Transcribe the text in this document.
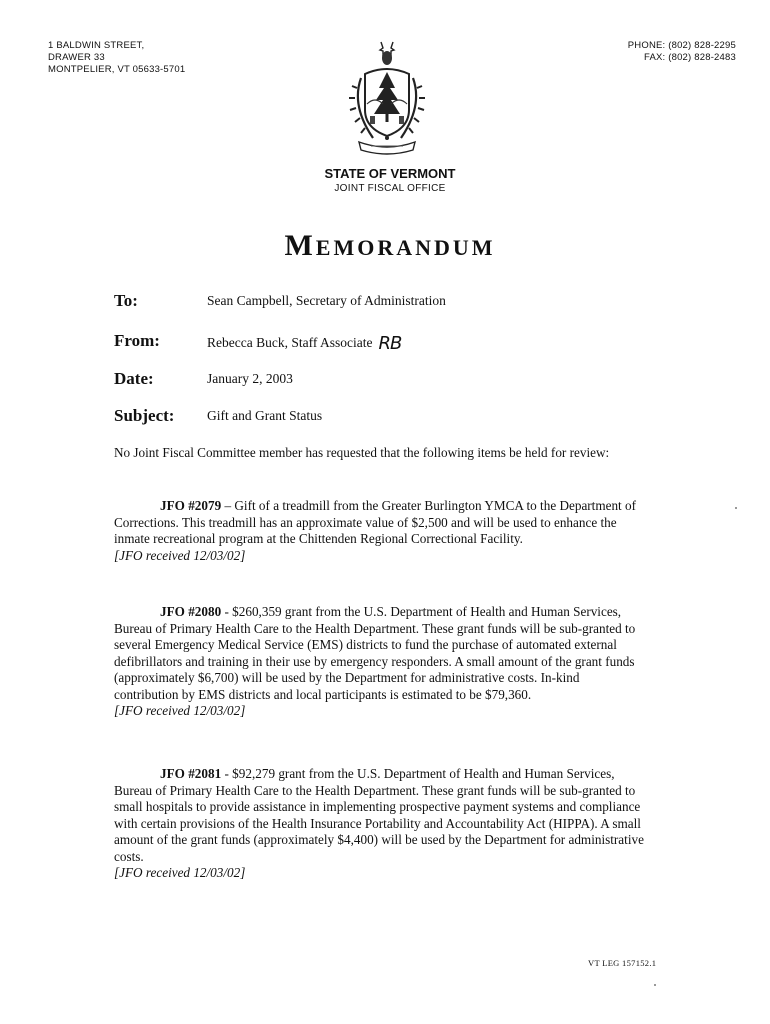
1 BALDWIN STREET,
DRAWER 33
MONTPELIER, VT 05633-5701
PHONE: (802) 828-2295
FAX: (802) 828-2483
STATE OF VERMONT
JOINT FISCAL OFFICE
MEMORANDUM
To:	Sean Campbell, Secretary of Administration
From:	Rebecca Buck, Staff Associate RB
Date:	January 2, 2003
Subject: Gift and Grant Status
No Joint Fiscal Committee member has requested that the following items be held for review:
JFO #2079 – Gift of a treadmill from the Greater Burlington YMCA to the Department of Corrections. This treadmill has an approximate value of $2,500 and will be used to enhance the inmate recreational program at the Chittenden Regional Correctional Facility.
[JFO received 12/03/02]
JFO #2080 - $260,359 grant from the U.S. Department of Health and Human Services, Bureau of Primary Health Care to the Health Department. These grant funds will be sub-granted to several Emergency Medical Service (EMS) districts to fund the purchase of automated external defibrillators and training in their use by emergency responders. A small amount of the grant funds (approximately $6,700) will be used by the Department for administrative costs. In-kind contribution by EMS districts and local participants is estimated to be $79,360.
[JFO received 12/03/02]
JFO #2081 - $92,279 grant from the U.S. Department of Health and Human Services, Bureau of Primary Health Care to the Health Department. These grant funds will be sub-granted to small hospitals to provide assistance in implementing prospective payment systems and compliance with certain provisions of the Health Insurance Portability and Accountability Act (HIPPA). A small amount of the grant funds (approximately $4,400) will be used by the Department for administrative costs.
[JFO received 12/03/02]
VT LEG 157152.1
